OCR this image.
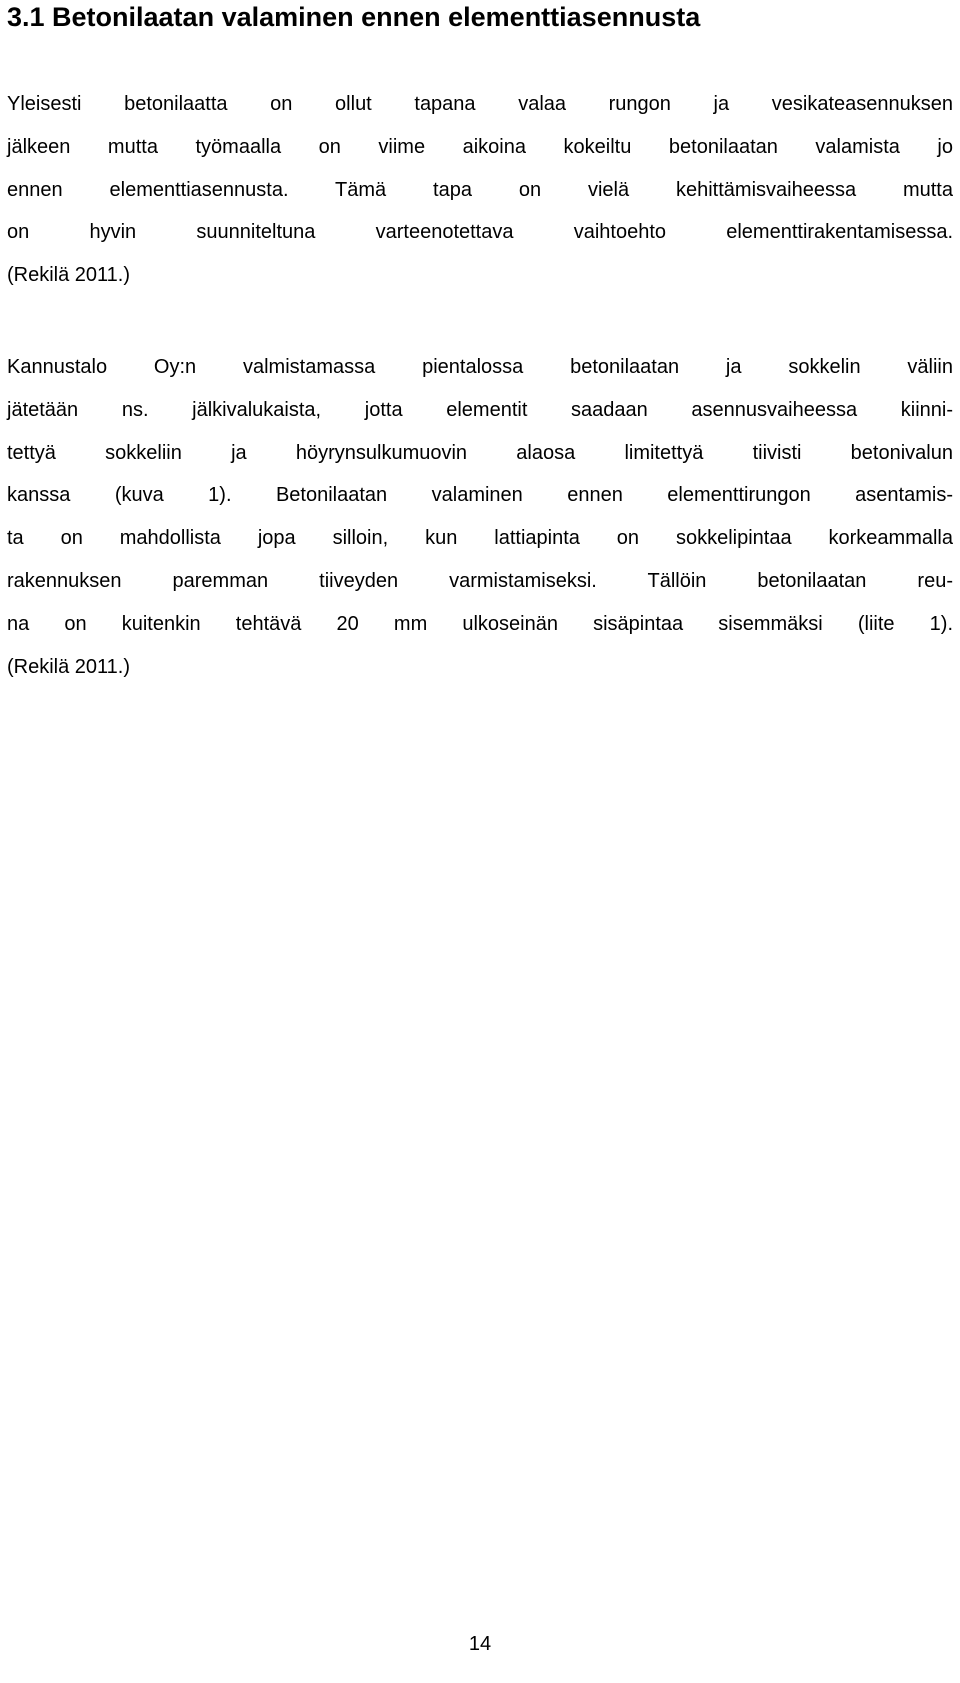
3.1 Betonilaatan valaminen ennen elementtiasennusta
Yleisesti betonilaatta on ollut tapana valaa rungon ja vesikateasennuksen
jälkeen mutta työmaalla on viime aikoina kokeiltu betonilaatan valamista jo
ennen elementtiasennusta. Tämä tapa on vielä kehittämisvaiheessa mutta
on hyvin suunniteltuna varteenotettava vaihtoehto elementtirakentamisessa.
(Rekilä 2011.)
Kannustalo Oy:n valmistamassa pientalossa betonilaatan ja sokkelin väliin
jätetään ns. jälkivalukaista, jotta elementit saadaan asennusvaiheessa kiinni-
tettyä sokkeliin ja höyrynsulkumuovin alaosa limitettyä tiivisti betonivalun
kanssa (kuva 1). Betonilaatan valaminen ennen elementtirungon asentamis-
ta on mahdollista jopa silloin, kun lattiapinta on sokkelipintaa korkeammalla
rakennuksen paremman tiiveyden varmistamiseksi. Tällöin betonilaatan reu-
na on kuitenkin tehtävä 20 mm ulkoseinän sisäpintaa sisemmäksi (liite 1).
(Rekilä 2011.)
14
